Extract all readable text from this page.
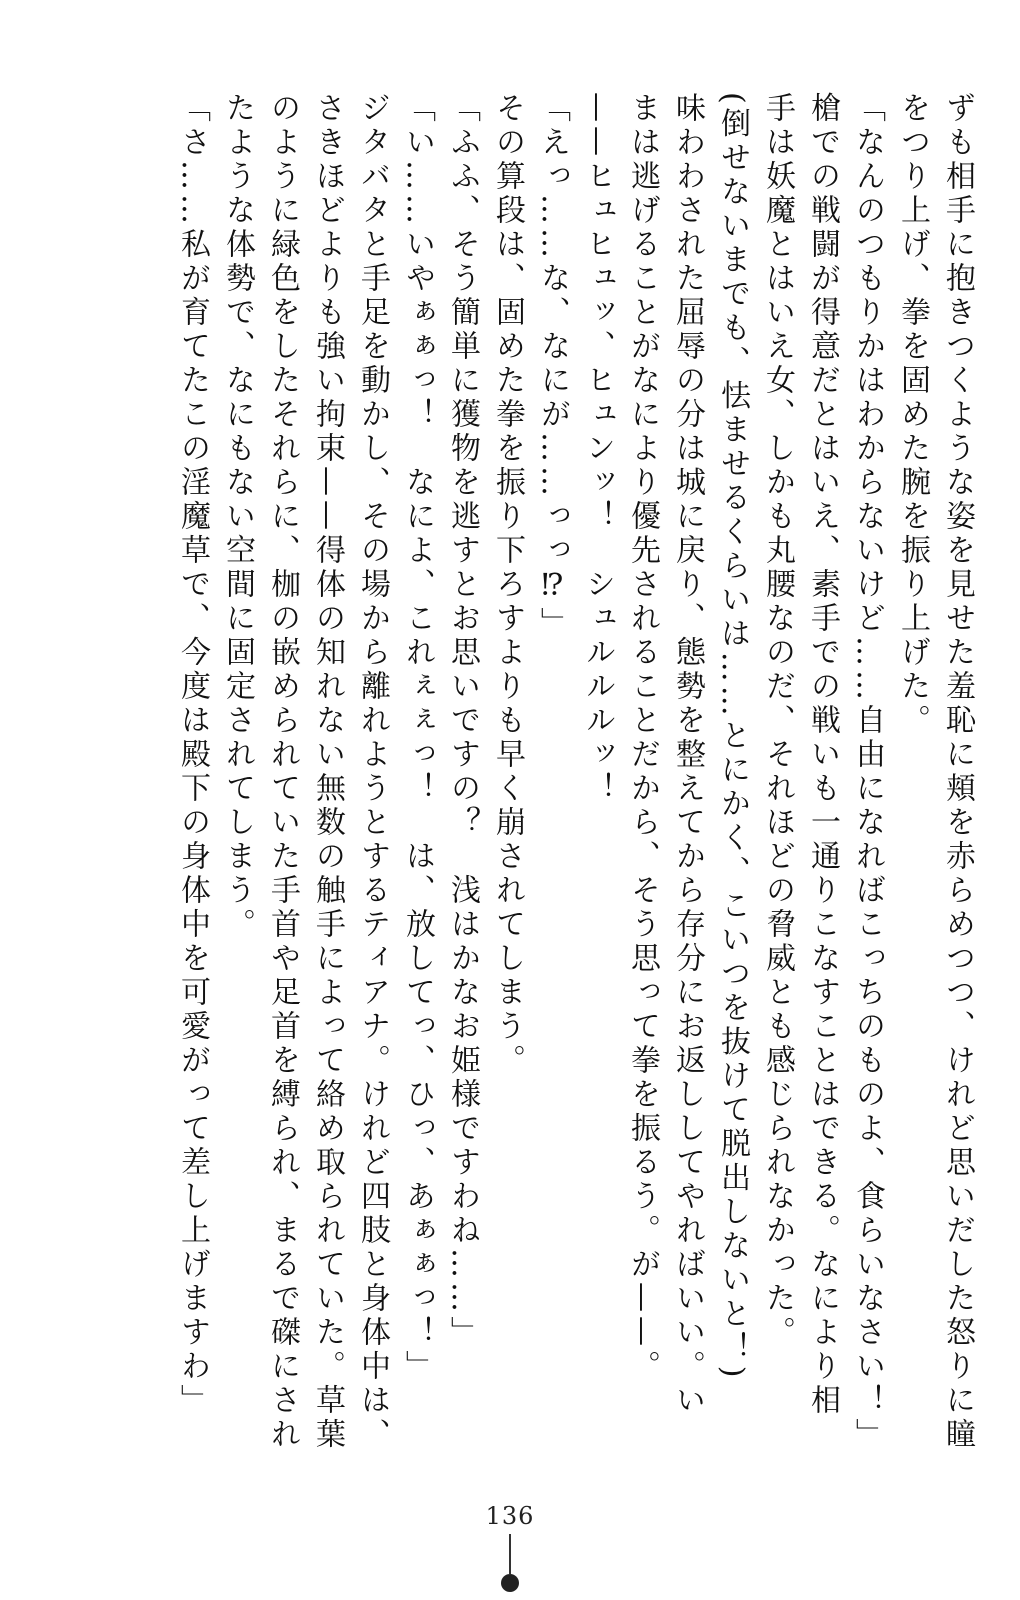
ずも相手に抱きつくような姿を見せた羞恥に頬を赤らめつつ、けれど思いだした怒りに瞳
をつり上げ、拳を固めた腕を振り上げた。
「なんのつもりかはわからないけど……自由になればこっちのものよ、食らいなさい！」
槍での戦闘が得意だとはいえ、素手での戦いも一通りこなすことはできる。なにより相
手は妖魔とはいえ女、しかも丸腰なのだ、それほどの脅威とも感じられなかった。
(倒せないまでも、怯ませるくらいは……とにかく、こいつを抜けて脱出しないと！)
味わわされた屈辱の分は城に戻り、態勢を整えてから存分にお返ししてやればいい。い
まは逃げることがなにより優先されることだから、そう思って拳を振るう。が——。
——ヒュヒュッ、ヒュンッ！　シュルルルッ！
「えっ……な、なにが……っっ⁉」
その算段は、固めた拳を振り下ろすよりも早く崩されてしまう。
「ふふ、そう簡単に獲物を逃すとお思いですの？　浅はかなお姫様ですわね……」
「い……いやぁぁっ！　なによ、これぇぇっ！　は、放してっ、ひっ、あぁぁっ！」
ジタバタと手足を動かし、その場から離れようとするティアナ。けれど四肢と身体中は、
さきほどよりも強い拘束——得体の知れない無数の触手によって絡め取られていた。草葉
のように緑色をしたそれらに、枷の嵌められていた手首や足首を縛られ、まるで磔にされ
たような体勢で、なにもない空間に固定されてしまう。
「さ……私が育てたこの淫魔草で、今度は殿下の身体中を可愛がって差し上げますわ」
136
